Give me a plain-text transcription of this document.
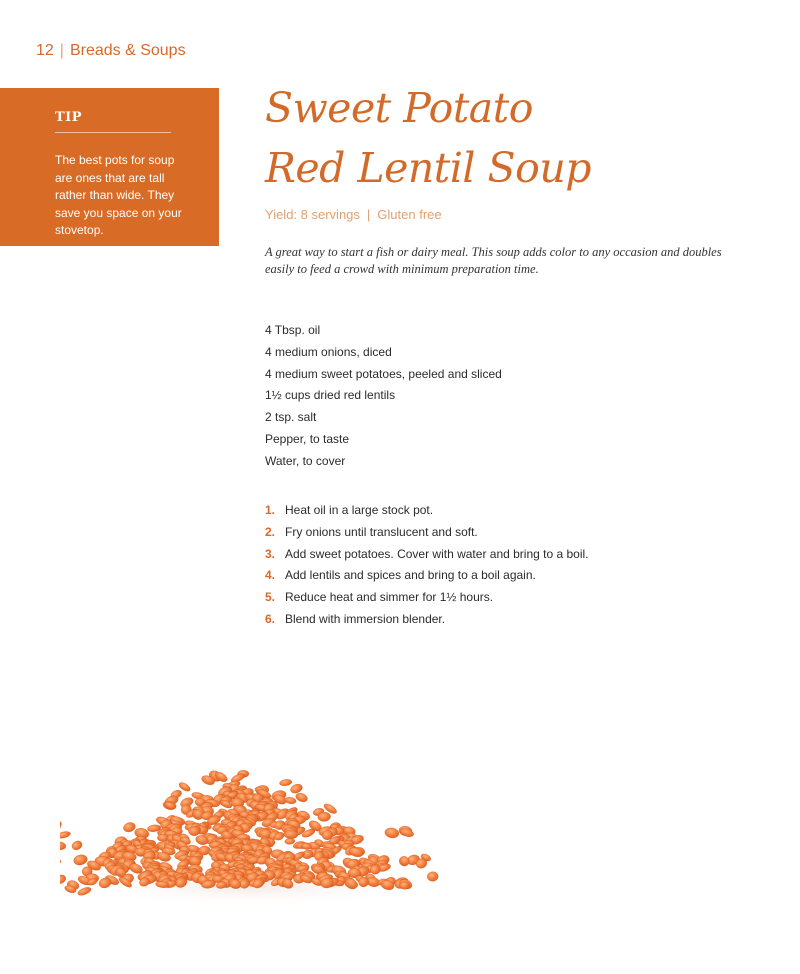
12 | Breads & Soups
TIP
The best pots for soup are ones that are tall rather than wide. They save you space on your stovetop.
Sweet Potato
Red Lentil Soup
Yield: 8 servings | Gluten free
A great way to start a fish or dairy meal. This soup adds color to any occasion and doubles easily to feed a crowd with minimum preparation time.
4 Tbsp. oil
4 medium onions, diced
4 medium sweet potatoes, peeled and sliced
1½ cups dried red lentils
2 tsp. salt
Pepper, to taste
Water, to cover
1. Heat oil in a large stock pot.
2. Fry onions until translucent and soft.
3. Add sweet potatoes. Cover with water and bring to a boil.
4. Add lentils and spices and bring to a boil again.
5. Reduce heat and simmer for 1½ hours.
6. Blend with immersion blender.
